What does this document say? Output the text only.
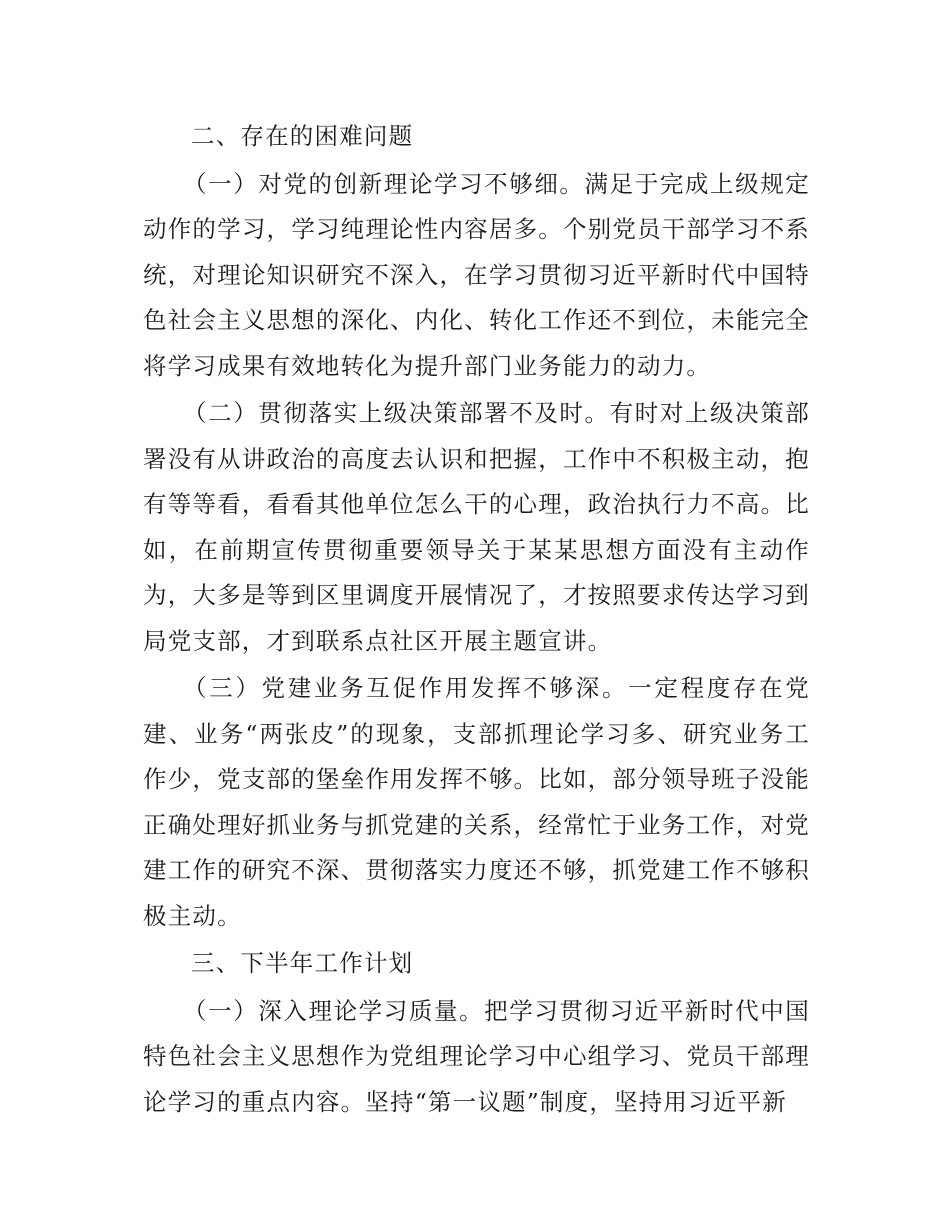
二、存在的困难问题

（一）对党的创新理论学习不够细。满足于完成上级规定动作的学习，学习纯理论性内容居多。个别党员干部学习不系统，对理论知识研究不深入，在学习贯彻习近平新时代中国特色社会主义思想的深化、内化、转化工作还不到位，未能完全将学习成果有效地转化为提升部门业务能力的动力。

（二）贯彻落实上级决策部署不及时。有时对上级决策部署没有从讲政治的高度去认识和把握，工作中不积极主动，抱有等等看，看看其他单位怎么干的心理，政治执行力不高。比如，在前期宣传贯彻重要领导关于某某思想方面没有主动作为，大多是等到区里调度开展情况了，才按照要求传达学习到局党支部，才到联系点社区开展主题宣讲。

（三）党建业务互促作用发挥不够深。一定程度存在党建、业务“两张皮”的现象，支部抓理论学习多、研究业务工作少，党支部的堡垒作用发挥不够。比如，部分领导班子没能正确处理好抓业务与抓党建的关系，经常忙于业务工作，对党建工作的研究不深、贯彻落实力度还不够，抓党建工作不够积极主动。

三、下半年工作计划

（一）深入理论学习质量。把学习贯彻习近平新时代中国特色社会主义思想作为党组理论学习中心组学习、党员干部理论学习的重点内容。坚持“第一议题”制度，坚持用习近平新
